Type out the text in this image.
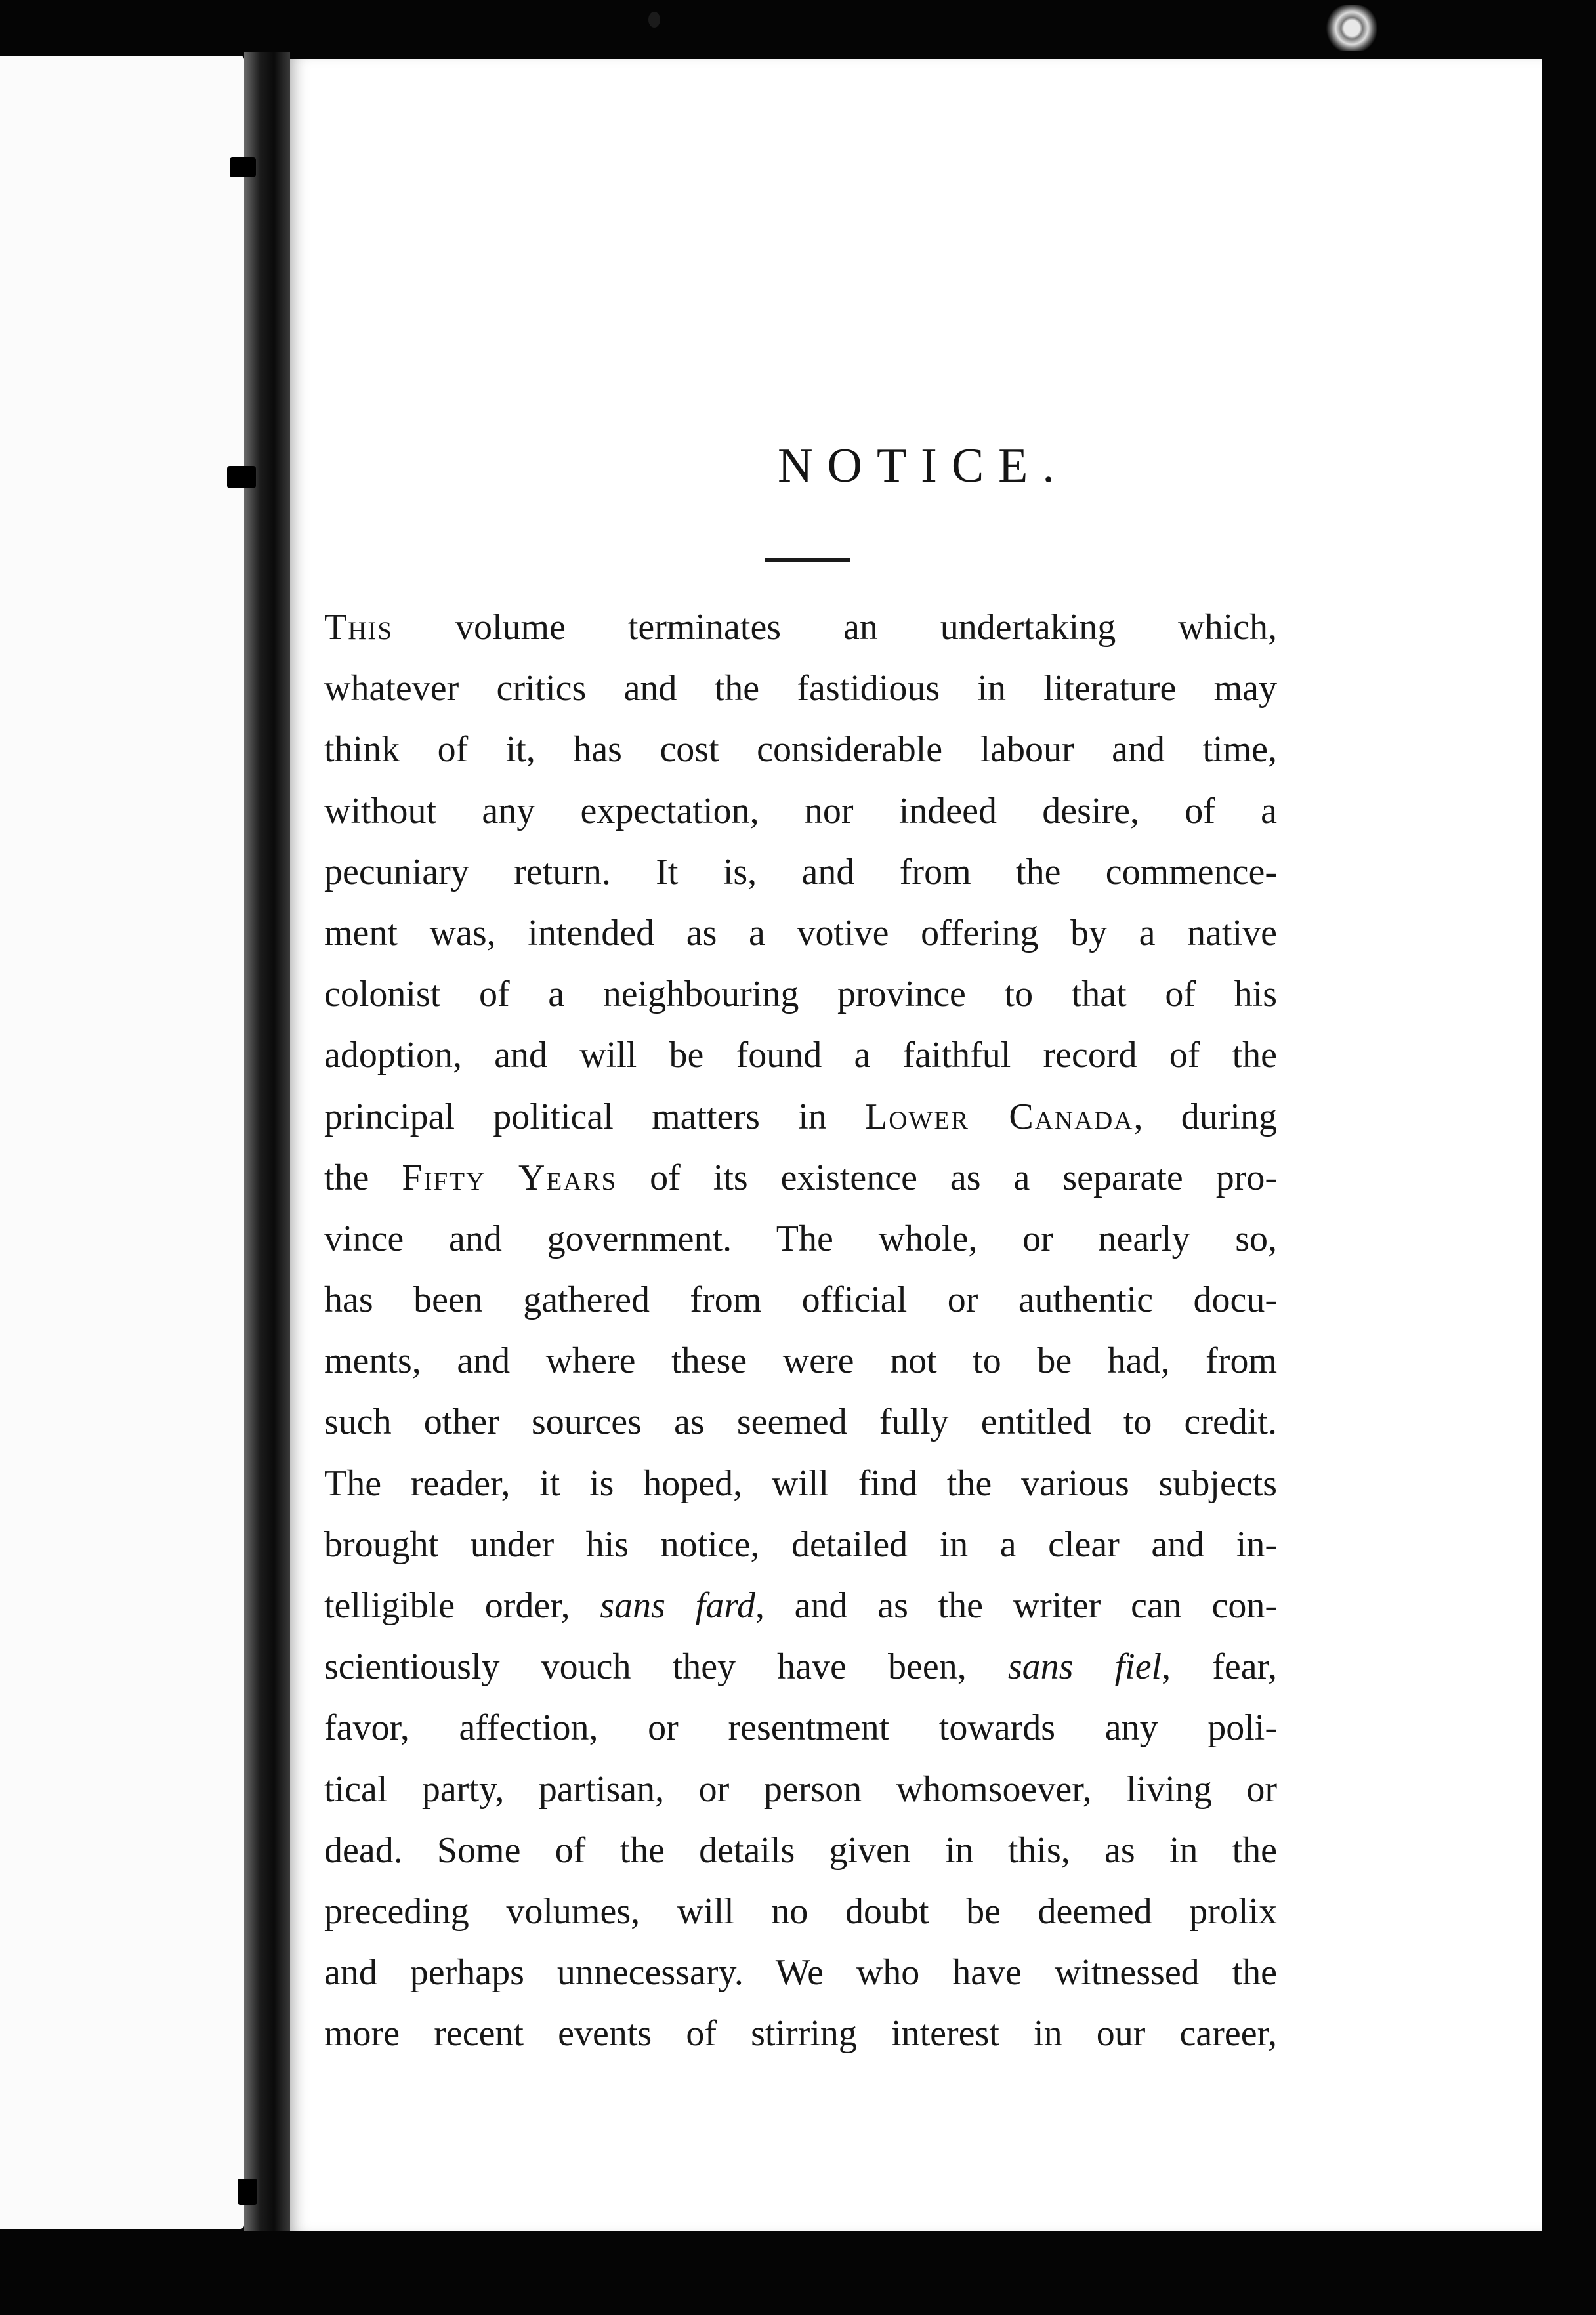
NOTICE.
This volume terminates an undertaking which,
whatever critics and the fastidious in literature may
think of it, has cost considerable labour and time,
without any expectation, nor indeed desire, of a
pecuniary return. It is, and from the commence-
ment was, intended as a votive offering by a native
colonist of a neighbouring province to that of his
adoption, and will be found a faithful record of the
principal political matters in Lower Canada, during
the Fifty Years of its existence as a separate pro-
vince and government. The whole, or nearly so,
has been gathered from official or authentic docu-
ments, and where these were not to be had, from
such other sources as seemed fully entitled to credit.
The reader, it is hoped, will find the various subjects
brought under his notice, detailed in a clear and in-
telligible order, sans fard, and as the writer can con-
scientiously vouch they have been, sans fiel, fear,
favor, affection, or resentment towards any poli-
tical party, partisan, or person whomsoever, living or
dead. Some of the details given in this, as in the
preceding volumes, will no doubt be deemed prolix
and perhaps unnecessary. We who have witnessed the
more recent events of stirring interest in our career,
